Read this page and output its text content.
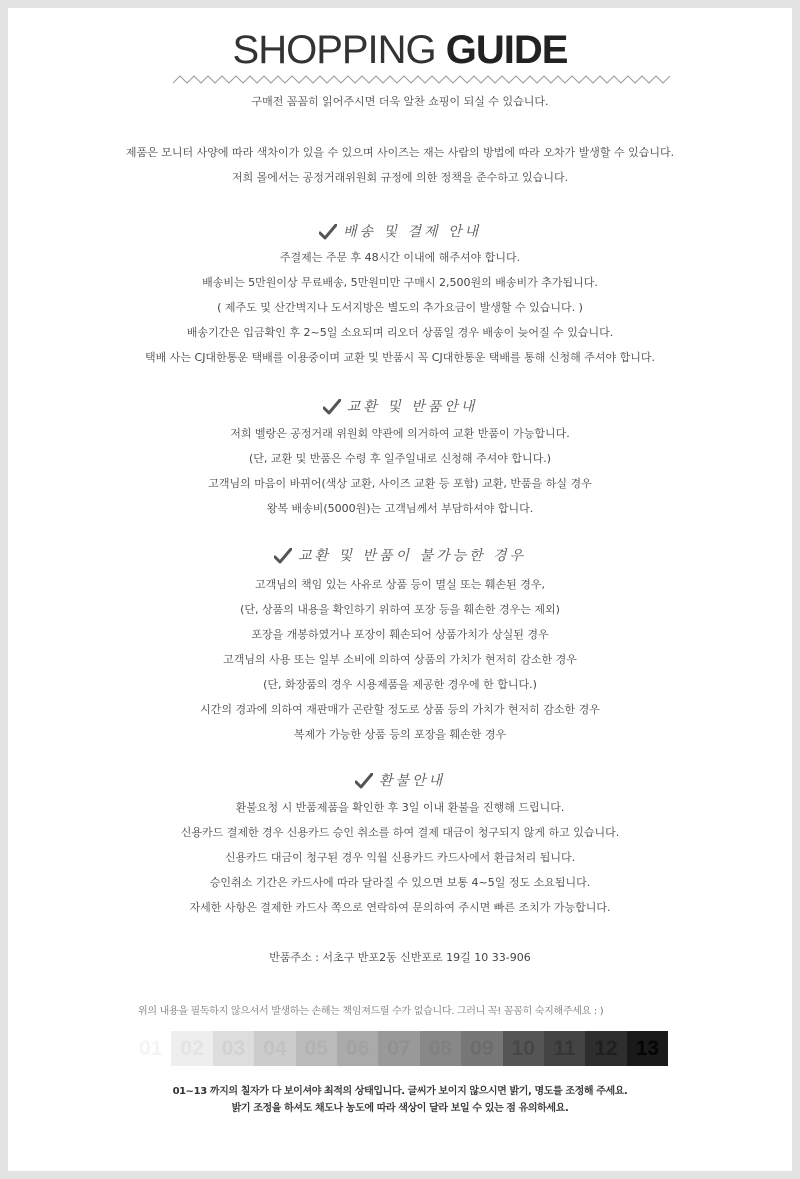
SHOPPING GUIDE
구매전 꼼꼼히 읽어주시면 더욱 알찬 쇼핑이 되실 수 있습니다.
제품은 모니터 사양에 따라 색차이가 있을 수 있으며 사이즈는 재는 사람의 방법에 따라 오차가 발생할 수 있습니다.
저희 몰에서는 공정거래위원회 규정에 의한 정책을 준수하고 있습니다.
배송 및 결제 안내
주결제는 주문 후 48시간 이내에 해주셔야 합니다.
배송비는 5만원이상 무료배송, 5만원미만 구매시 2,500원의 배송비가 추가됩니다.
( 제주도 및 산간벽지나 도서지방은 별도의 추가요금이 발생할 수 있습니다. )
배송기간은 입금확인 후 2~5일 소요되며 리오더 상품일 경우 배송이 늦어질 수 있습니다.
택배 사는 CJ대한통운 택배를 이용중이며 교환 및 반품시 꼭 CJ대한통운 택배를 통해 신청해 주셔야 합니다.
교환 및 반품안내
저희 벨랑은 공정거래 위원회 약관에 의거하여 교환 반품이 가능합니다.
(단, 교환 및 반품은 수령 후 일주일내로 신청해 주셔야 합니다.)
고객님의 마음이 바뀌어(색상 교환, 사이즈 교환 등 포함) 교환, 반품을 하실 경우
왕복 배송비(5000원)는 고객님께서 부담하셔야 합니다.
교환 및 반품이 불가능한 경우
고객님의 책임 있는 사유로 상품 등이 멸실 또는 훼손된 경우,
(단, 상품의 내용을 확인하기 위하여 포장 등을 훼손한 경우는 제외)
포장을 개봉하였거나 포장이 훼손되어 상품가치가 상실된 경우
고객님의 사용 또는 일부 소비에 의하여 상품의 가치가 현저히 감소한 경우
(단, 화장품의 경우 시용제품을 제공한 경우에 한 합니다.)
시간의 경과에 의하여 재판매가 곤란할 정도로 상품 등의 가치가 현저히 감소한 경우
복제가 가능한 상품 등의 포장을 훼손한 경우
환불안내
환불요청 시 반품제품을 확인한 후 3일 이내 환불을 진행해 드립니다.
신용카드 결제한 경우 신용카드 승인 취소를 하여 결제 대금이 청구되지 않게 하고 있습니다.
신용카드 대금이 청구된 경우 익월 신용카드 카드사에서 환급처리 됩니다.
승인취소 기간은 카드사에 따라 달라질 수 있으면 보통 4~5일 정도 소요됩니다.
자세한 사항은 결제한 카드사 쪽으로 연락하여 문의하여 주시면 빠른 조치가 가능합니다.
반품주소 : 서초구 반포2동 신반포로 19길 10 33-906
위의 내용을 필독하지 않으셔서 발생하는 손해는 책임져드릴 수가 없습니다. 그러니 꼭! 꼼꼼히 숙지해주세요 : )
01 02 03 04 05 06 07 08 09 10 11 12 13
01~13 까지의 칠자가 다 보이셔야 최적의 상태입니다. 글씨가 보이지 않으시면 밝기, 명도를 조정해 주세요.
밝기 조정을 하셔도 채도나 농도에 따라 색상이 달라 보일 수 있는 점 유의하세요.
